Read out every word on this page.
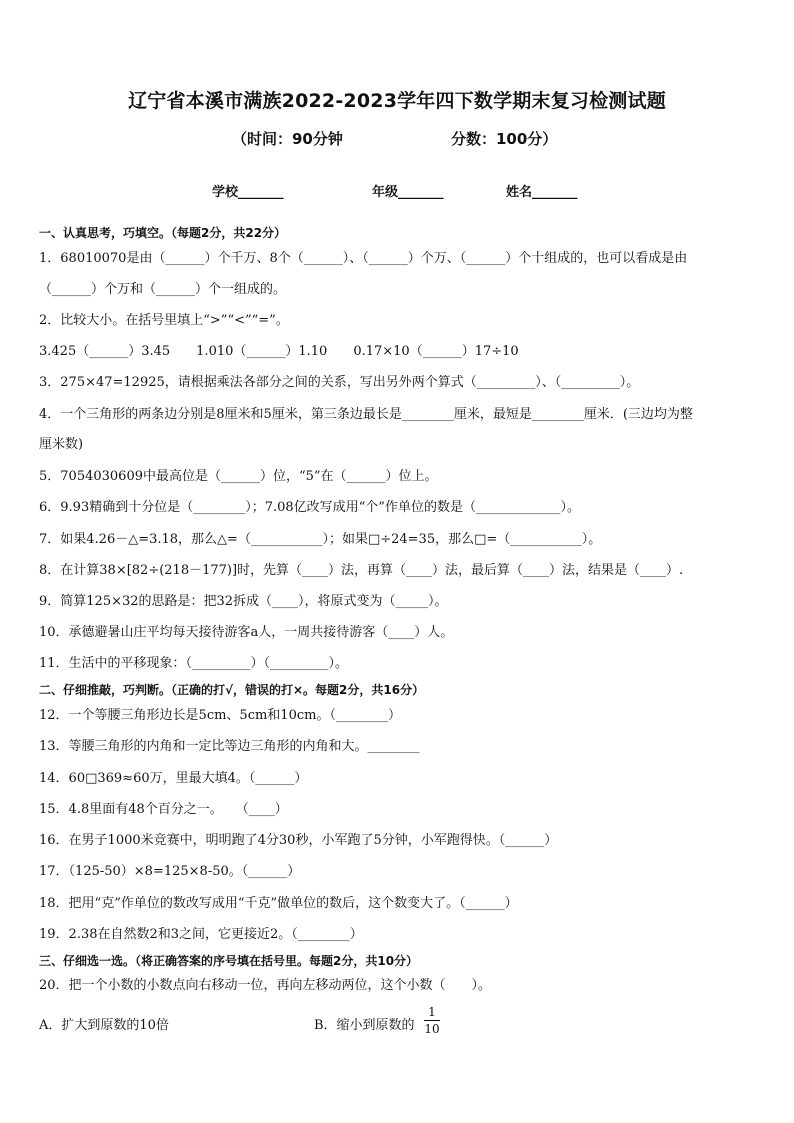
辽宁省本溪市满族2022-2023学年四下数学期末复习检测试题
（时间：90分钟	分数：100分）
学校_______	年级_______	姓名_______
一、认真思考，巧填空。（每题2分，共22分）
1．68010070是由（______）个千万、8个（______）、（______）个万、（______）个十组成的，也可以看成是由
（______）个万和（______）个一组成的。
2．比较大小。在括号里填上“>”“<”“=”。
3.425（______）3.45　　1.010（______）1.10　　0.17×10（______）17÷10
3．275×47=12925，请根据乘法各部分之间的关系，写出另外两个算式（_________）、（_________）。
4．一个三角形的两条边分别是8厘米和5厘米，第三条边最长是________厘米，最短是________厘米．(三边均为整
厘米数)
5．7054030609中最高位是（______）位，“5”在（______）位上。
6．9.93精确到十分位是（________）；7.08亿改写成用“个”作单位的数是（_____________）。
7．如果4.26－△=3.18，那么△=（___________）；如果□÷24=35，那么□=（___________）。
8．在计算38×[82÷(218－177)]时，先算（____）法，再算（____）法，最后算（____）法，结果是（____）.
9．简算125×32的思路是：把32拆成（____），将原式变为（_____）。
10．承德避暑山庄平均每天接待游客a人，一周共接待游客（____）人。
11．生活中的平移现象：（_________）（_________）。
二、仔细推敲，巧判断。（正确的打√，错误的打×。每题2分，共16分）
12．一个等腰三角形边长是5cm、5cm和10cm。（________）
13．等腰三角形的内角和一定比等边三角形的内角和大。________
14．60□369≈60万，里最大填4。（______）
15．4.8里面有48个百分之一。　　（____）
16．在男子1000米竞赛中，明明跑了4分30秒，小军跑了5分钟，小军跑得快。（______）
17．（125-50）×8=125×8-50。（______）
18．把用“克”作单位的数改写成用“千克”做单位的数后，这个数变大了。（______）
19．2.38在自然数2和3之间，它更接近2。（________）
三、仔细选一选。（将正确答案的序号填在括号里。每题2分，共10分）
20．把一个小数的小数点向右移动一位，再向左移动两位，这个小数（　　）。
A．扩大到原数的10倍	B．缩小到原数的
1
10
